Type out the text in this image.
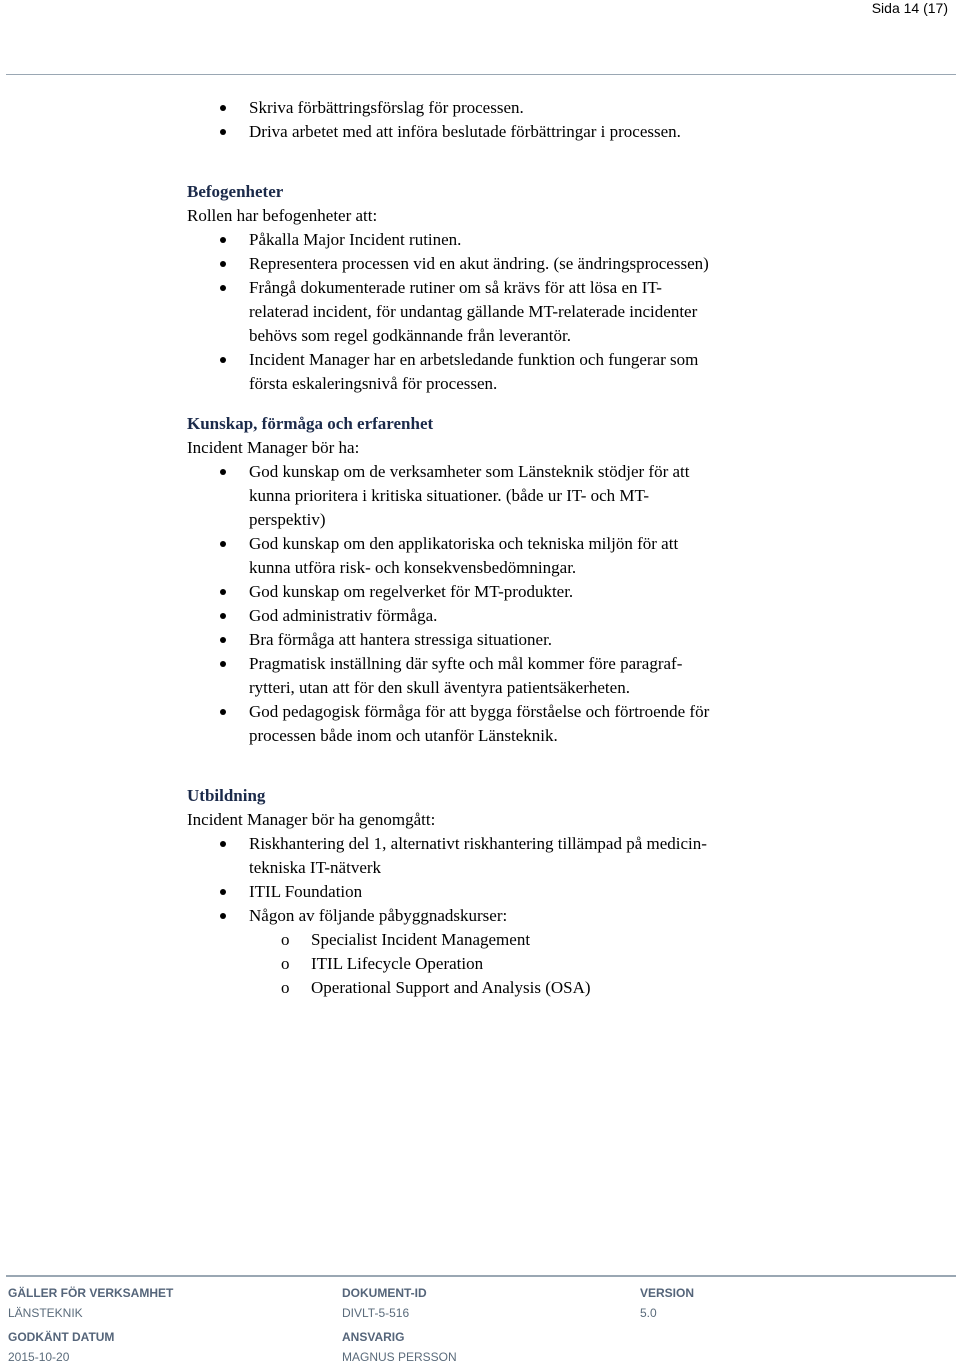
Sida 14 (17)
Skriva förbättringsförslag för processen.
Driva arbetet med att införa beslutade förbättringar i processen.
Befogenheter
Rollen har befogenheter att:
Påkalla Major Incident rutinen.
Representera processen vid en akut ändring. (se ändringsprocessen)
Frångå dokumenterade rutiner om så krävs för att lösa en IT-
relaterad incident, för undantag gällande MT-relaterade incidenter
behövs som regel godkännande från leverantör.
Incident Manager har en arbetsledande funktion och fungerar som
första eskaleringsnivå för processen.
Kunskap, förmåga och erfarenhet
Incident Manager bör ha:
God kunskap om de verksamheter som Länsteknik stödjer för att
kunna prioritera i kritiska situationer. (både ur IT- och MT-
perspektiv)
God kunskap om den applikatoriska och tekniska miljön för att
kunna utföra risk- och konsekvensbedömningar.
God kunskap om regelverket för MT-produkter.
God administrativ förmåga.
Bra förmåga att hantera stressiga situationer.
Pragmatisk inställning där syfte och mål kommer före paragraf-
rytteri, utan att för den skull äventyra patientsäkerheten.
God pedagogisk förmåga för att bygga förståelse och förtroende för
processen både inom och utanför Länsteknik.
Utbildning
Incident Manager bör ha genomgått:
Riskhantering del 1, alternativt riskhantering tillämpad på medicin-
tekniska IT-nätverk
ITIL Foundation
Någon av följande påbyggnadskurser:
o Specialist Incident Management
o ITIL Lifecycle Operation
o Operational Support and Analysis (OSA)
GÄLLER FÖR VERKSAMHET
LÄNSTEKNIK
DOKUMENT-ID
DIVLT-5-516
VERSION
5.0
GODKÄNT DATUM
2015-10-20
ANSVARIG
MAGNUS PERSSON
